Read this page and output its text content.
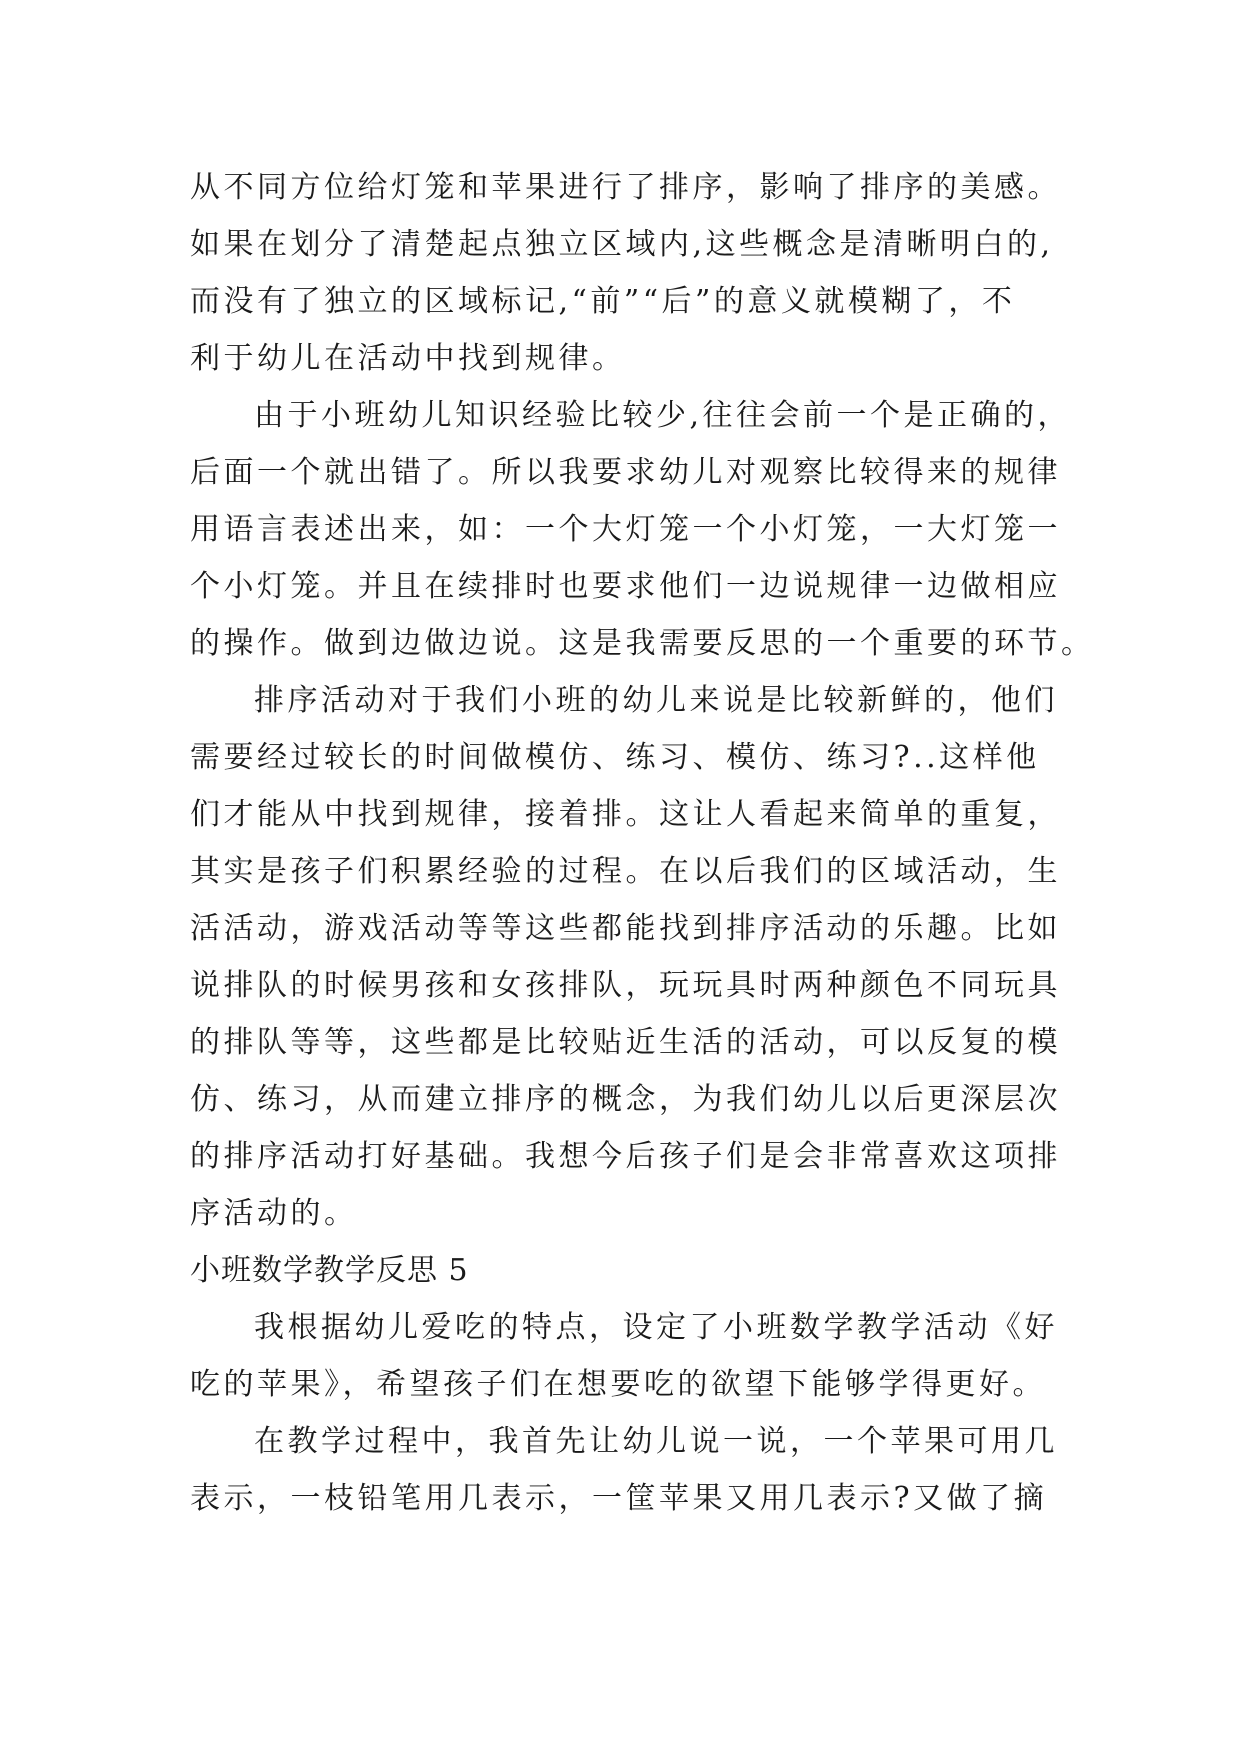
从不同方位给灯笼和苹果进行了排序，影响了排序的美感。
如果在划分了清楚起点独立区域内,这些概念是清晰明白的,
而没有了独立的区域标记,“前”“后”的意义就模糊了，不
利于幼儿在活动中找到规律。
由于小班幼儿知识经验比较少,往往会前一个是正确的，
后面一个就出错了。所以我要求幼儿对观察比较得来的规律
用语言表述出来，如：一个大灯笼一个小灯笼，一大灯笼一
个小灯笼。并且在续排时也要求他们一边说规律一边做相应
的操作。做到边做边说。这是我需要反思的一个重要的环节。
排序活动对于我们小班的幼儿来说是比较新鲜的，他们
需要经过较长的时间做模仿、练习、模仿、练习?..这样他
们才能从中找到规律，接着排。这让人看起来简单的重复，
其实是孩子们积累经验的过程。在以后我们的区域活动，生
活活动，游戏活动等等这些都能找到排序活动的乐趣。比如
说排队的时候男孩和女孩排队，玩玩具时两种颜色不同玩具
的排队等等，这些都是比较贴近生活的活动，可以反复的模
仿、练习，从而建立排序的概念，为我们幼儿以后更深层次
的排序活动打好基础。我想今后孩子们是会非常喜欢这项排
序活动的。
小班数学教学反思 5
我根据幼儿爱吃的特点，设定了小班数学教学活动《好
吃的苹果》，希望孩子们在想要吃的欲望下能够学得更好。
在教学过程中，我首先让幼儿说一说，一个苹果可用几
表示，一枝铅笔用几表示，一筐苹果又用几表示?又做了摘
